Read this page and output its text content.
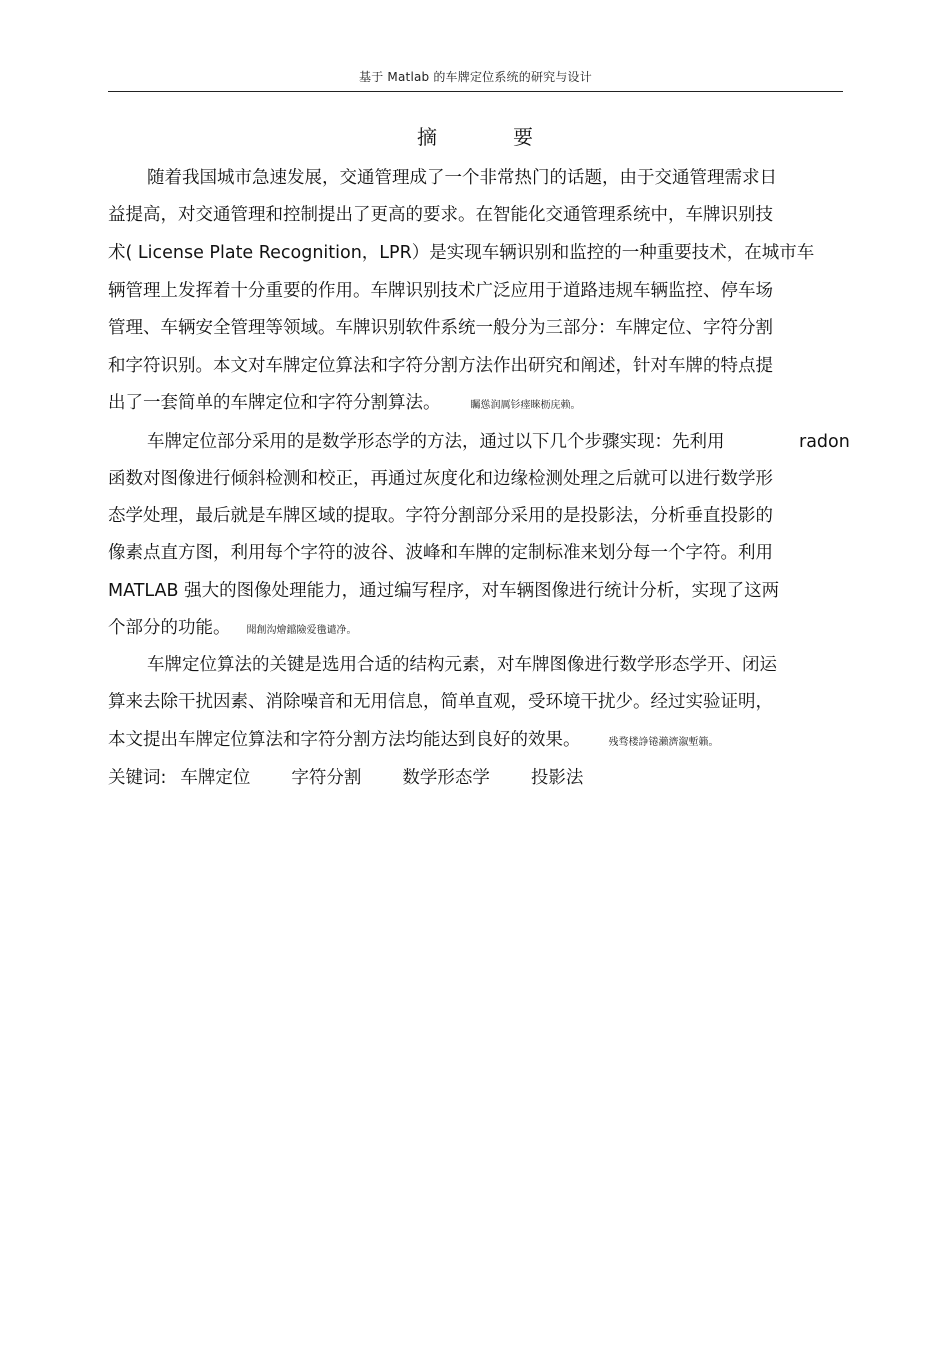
基于 Matlab 的车牌定位系统的研究与设计
摘	要
随着我国城市急速发展，交通管理成了一个非常热门的话题，由于交通管理需求日
益提高，对交通管理和控制提出了更高的要求。在智能化交通管理系统中，车牌识别技
术( License Plate Recognition，LPR）是实现车辆识别和监控的一种重要技术，在城市车
辆管理上发挥着十分重要的作用。车牌识别技术广泛应用于道路违规车辆监控、停车场
管理、车辆安全管理等领域。车牌识别软件系统一般分为三部分：车牌定位、字符分割
和字符识别。本文对车牌定位算法和字符分割方法作出研究和阐述，针对车牌的特点提
出了一套简单的车牌定位和字符分割算法。	矚慫润厲钐瘗睞枥庑赖。
车牌定位部分采用的是数学形态学的方法，通过以下几个步骤实现：先利用	radon
函数对图像进行倾斜检测和校正，再通过灰度化和边缘检测处理之后就可以进行数学形
态学处理，最后就是车牌区域的提取。字符分割部分采用的是投影法，分析垂直投影的
像素点直方图，利用每个字符的波谷、波峰和车牌的定制标准来划分每一个字符。利用
MATLAB 强大的图像处理能力，通过编写程序，对车辆图像进行统计分析，实现了这两
个部分的功能。 聞創沟燴鐺險爱氇谴净。
车牌定位算法的关键是选用合适的结构元素，对车牌图像进行数学形态学开、闭运
算来去除干扰因素、消除噪音和无用信息，简单直观，受环境干扰少。经过实验证明，
本文提出车牌定位算法和字符分割方法均能达到良好的效果。	残骛楼諍锩瀨濟溆塹籟。
关键词: 车牌定位 字符分割 数学形态学 投影法
